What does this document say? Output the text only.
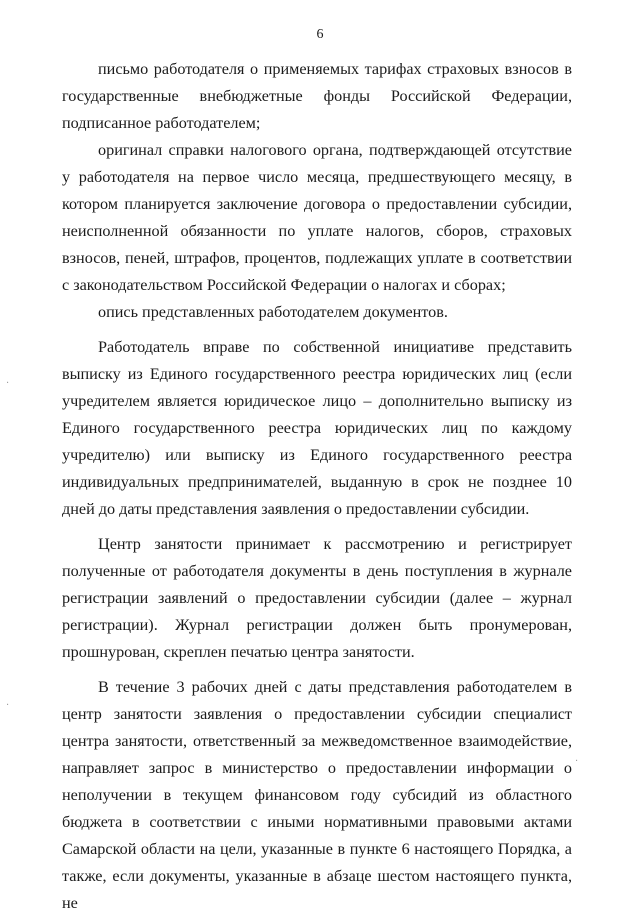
6

письмо работодателя о применяемых тарифах страховых взносов в государственные внебюджетные фонды Российской Федерации, подписанное работодателем;

оригинал справки налогового органа, подтверждающей отсутствие у работодателя на первое число месяца, предшествующего месяцу, в котором планируется заключение договора о предоставлении субсидии, неисполненной обязанности по уплате налогов, сборов, страховых взносов, пеней, штрафов, процентов, подлежащих уплате в соответствии с законодательством Российской Федерации о налогах и сборах;

опись представленных работодателем документов.

Работодатель вправе по собственной инициативе представить выписку из Единого государственного реестра юридических лиц (если учредителем является юридическое лицо – дополнительно выписку из Единого государственного реестра юридических лиц по каждому учредителю) или выписку из Единого государственного реестра индивидуальных предпринимателей, выданную в срок не позднее 10 дней до даты представления заявления о предоставлении субсидии.

Центр занятости принимает к рассмотрению и регистрирует полученные от работодателя документы в день поступления в журнале регистрации заявлений о предоставлении субсидии (далее – журнал регистрации). Журнал регистрации должен быть пронумерован, прошнурован, скреплен печатью центра занятости.

В течение 3 рабочих дней с даты представления работодателем в центр занятости заявления о предоставлении субсидии специалист центра занятости, ответственный за межведомственное взаимодействие, направляет запрос в министерство о предоставлении информации о неполучении в текущем финансовом году субсидий из областного бюджета в соответствии с иными нормативными правовыми актами Самарской области на цели, указанные в пункте 6 настоящего Порядка, а также, если документы, указанные в абзаце шестом настоящего пункта, не

·
·
·
